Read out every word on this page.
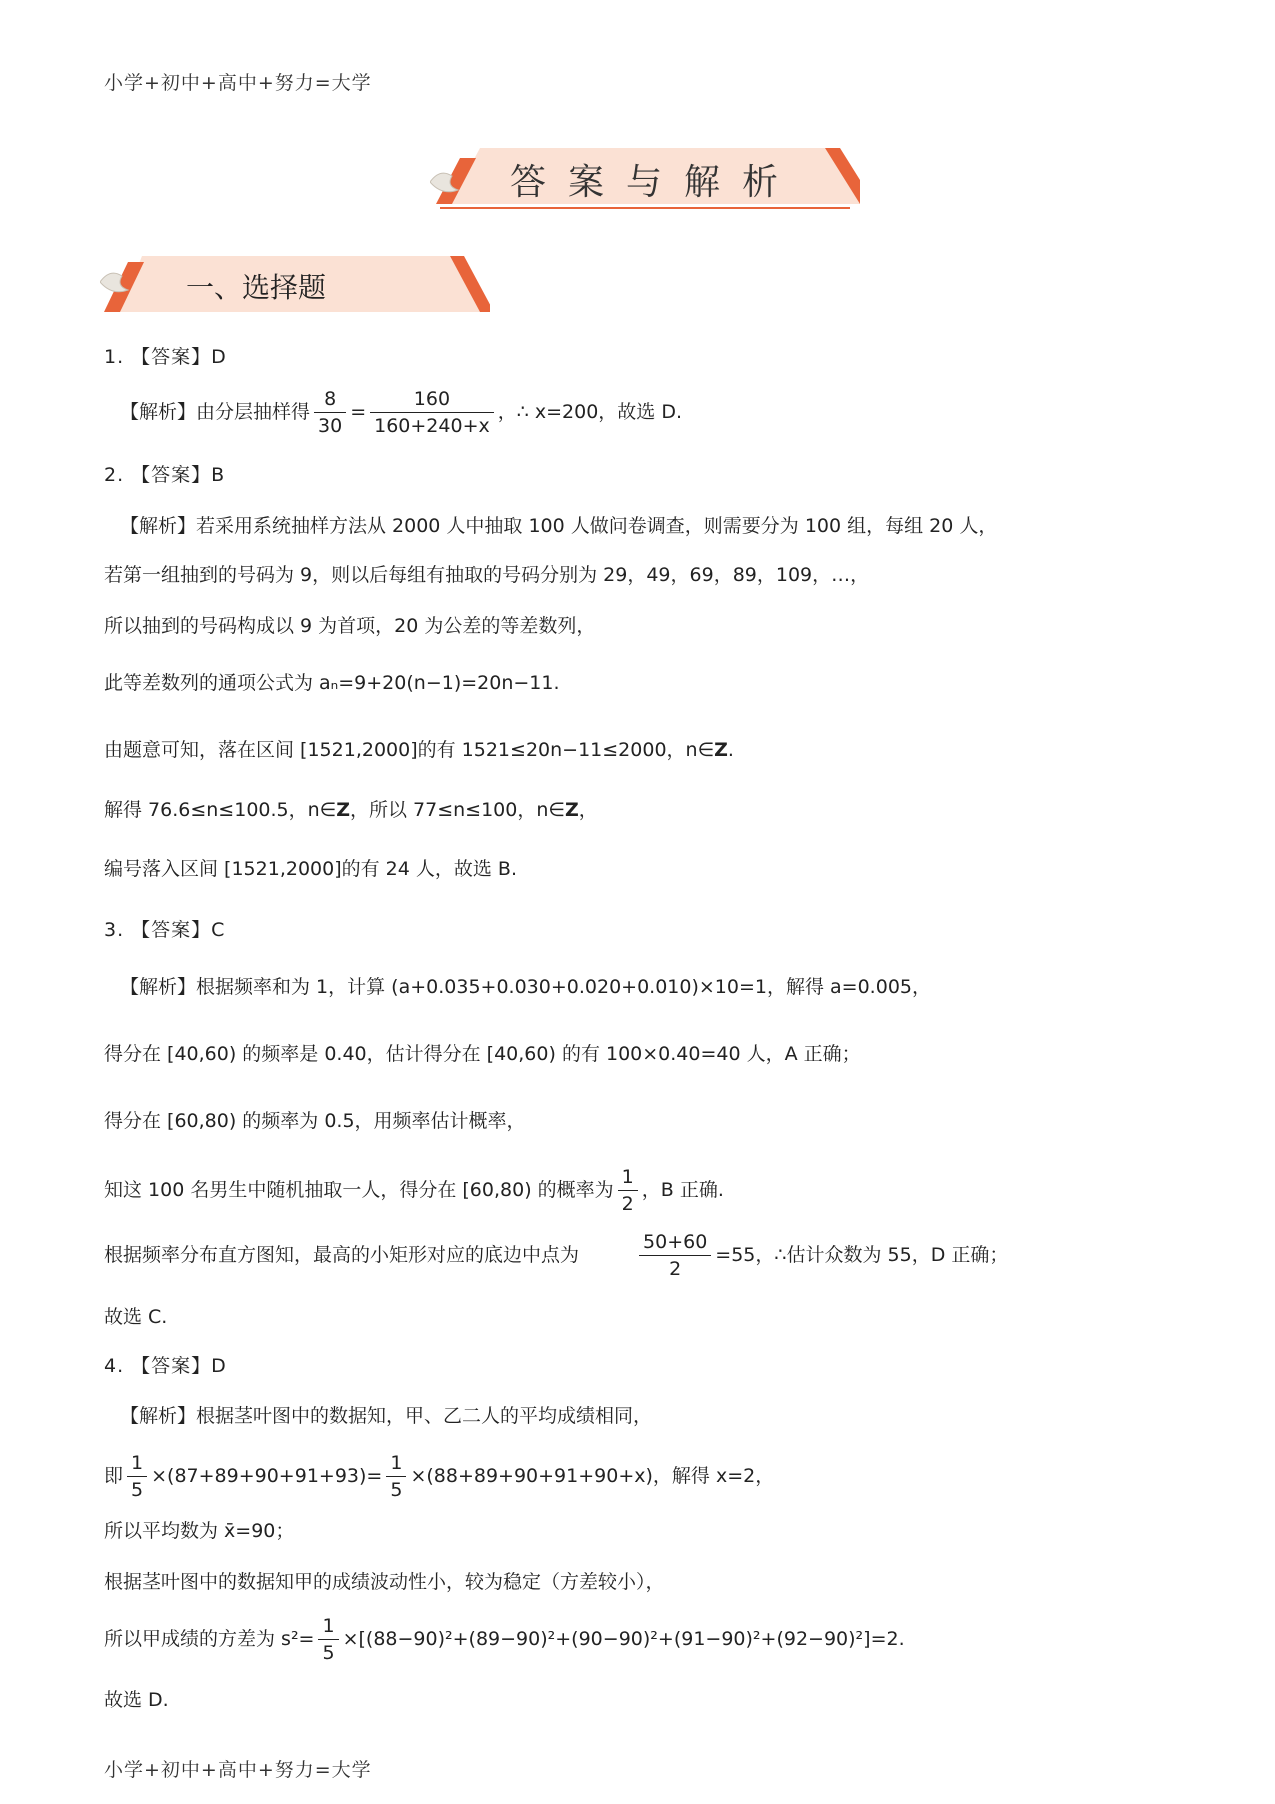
小学+初中+高中+努力=大学
答案与解析
一、选择题
1. 【答案】D
【解析】由分层抽样得 $\frac{8}{30} = \frac{160}{160+240+x}$ ，∴ x=200，故选 D.
2. 【答案】B
【解析】若采用系统抽样方法从 2000 人中抽取 100 人做问卷调查，则需要分为 100 组，每组 20 人，
若第一组抽到的号码为 9，则以后每组有抽取的号码分别为 29，49，69，89，109，…，
所以抽到的号码构成以 9 为首项，20 为公差的等差数列，
此等差数列的通项公式为 aₙ=9+20(n−1)=20n−11.
由题意可知，落在区间 [1521,2000]的有 1521≤20n−11≤2000，n∈Z.
解得 76.6≤n≤100.5，n∈Z，所以 77≤n≤100，n∈Z，
编号落入区间 [1521,2000]的有 24 人，故选 B.
3. 【答案】C
【解析】根据频率和为 1，计算 (a+0.035+0.030+0.020+0.010)×10=1，解得 a=0.005，
得分在 [40,60) 的频率是 0.40，估计得分在 [40,60) 的有 100×0.40=40 人，A 正确；
得分在 [60,80) 的频率为 0.5，用频率估计概率，
知这 100 名男生中随机抽取一人，得分在 [60,80) 的概率为 $\frac{1}{2}$ ，B 正确.
根据频率分布直方图知，最高的小矩形对应的底边中点为	$\frac{50+60}{2} =55$，∴估计众数为 55，D 正确；
故选 C.
4. 【答案】D
【解析】根据茎叶图中的数据知，甲、乙二人的平均成绩相同，
即 $\frac{1}{5} \times(87+89+90+91+93)= \frac{1}{5} \times(88+89+90+91+90+x)$，解得 x=2，
所以平均数为 x̄=90；
根据茎叶图中的数据知甲的成绩波动性小，较为稳定（方差较小），
所以甲成绩的方差为 $s^2= \frac{1}{5} \times[(88-90)^2+(89-90)^2+(90-90)^2+(91-90)^2+(92-90)^2]=2$.
故选 D.
小学+初中+高中+努力=大学
